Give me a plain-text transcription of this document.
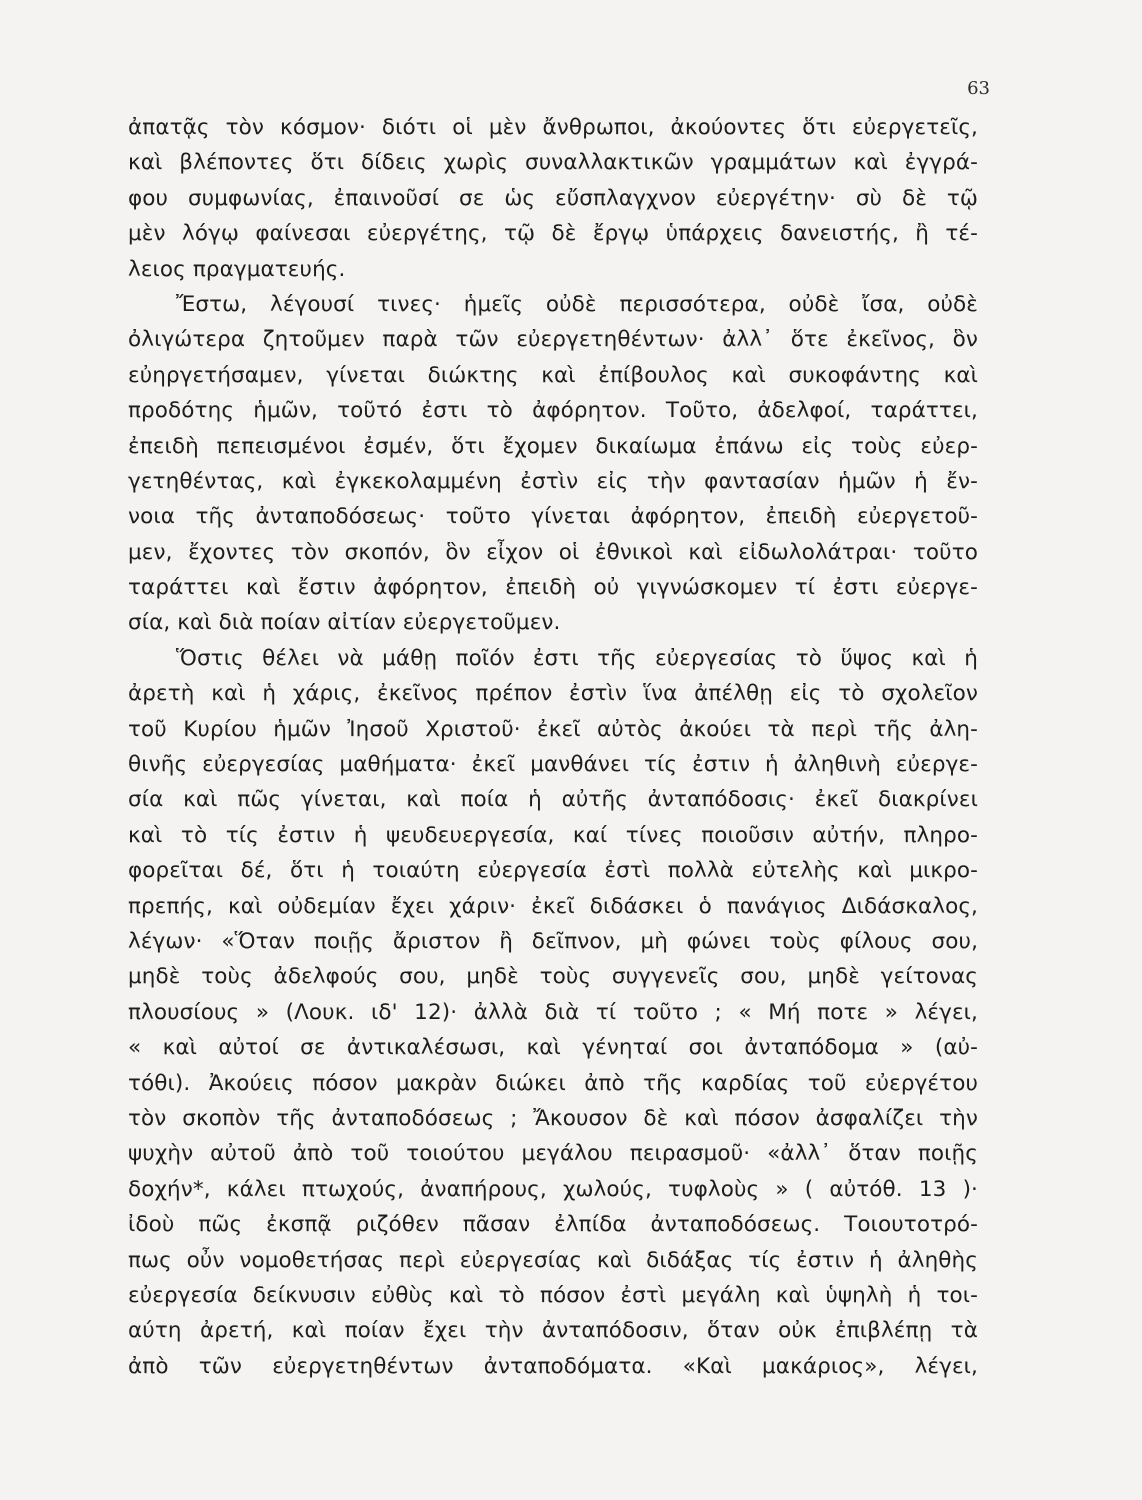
63
ἀπατᾷς τὸν κόσμον· διότι οἱ μὲν ἄνθρωποι, ἀκούοντες ὅτι εὐεργετεῖς,
καὶ βλέποντες ὅτι δίδεις χωρὶς συναλλακτικῶν γραμμάτων καὶ ἐγγρά-
φου συμφωνίας, ἐπαινοῦσί σε ὡς εὔσπλαγχνον εὐεργέτην· σὺ δὲ τῷ
μὲν λόγῳ φαίνεσαι εὐεργέτης, τῷ δὲ ἔργῳ ὑπάρχεις δανειστής, ἢ τέ-
λειος πραγματευής.
Ἔστω, λέγουσί τινες· ἡμεῖς οὐδὲ περισσότερα, οὐδὲ ἴσα, οὐδὲ
ὀλιγώτερα ζητοῦμεν παρὰ τῶν εὐεργετηθέντων· ἀλλ᾽ ὅτε ἐκεῖνος, ὃν
εὐηργετήσαμεν, γίνεται διώκτης καὶ ἐπίβουλος καὶ συκοφάντης καὶ
προδότης ἡμῶν, τοῦτό ἐστι τὸ ἀφόρητον. Τοῦτο, ἀδελφοί, ταράττει,
ἐπειδὴ πεπεισμένοι ἐσμέν, ὅτι ἔχομεν δικαίωμα ἐπάνω εἰς τοὺς εὐερ-
γετηθέντας, καὶ ἐγκεκολαμμένη ἐστὶν εἰς τὴν φαντασίαν ἡμῶν ἡ ἔν-
νοια τῆς ἀνταποδόσεως· τοῦτο γίνεται ἀφόρητον, ἐπειδὴ εὐεργετοῦ-
μεν, ἔχοντες τὸν σκοπόν, ὃν εἶχον οἱ ἐθνικοὶ καὶ εἰδωλολάτραι· τοῦτο
ταράττει καὶ ἔστιν ἀφόρητον, ἐπειδὴ οὐ γιγνώσκομεν τί ἐστι εὐεργε-
σία, καὶ διὰ ποίαν αἰτίαν εὐεργετοῦμεν.
Ὅστις θέλει νὰ μάθῃ ποῖόν ἐστι τῆς εὐεργεσίας τὸ ὕψος καὶ ἡ
ἀρετὴ καὶ ἡ χάρις, ἐκεῖνος πρέπον ἐστὶν ἵνα ἀπέλθῃ εἰς τὸ σχολεῖον
τοῦ Κυρίου ἡμῶν Ἰησοῦ Χριστοῦ· ἐκεῖ αὐτὸς ἀκούει τὰ περὶ τῆς ἀλη-
θινῆς εὐεργεσίας μαθήματα· ἐκεῖ μανθάνει τίς ἐστιν ἡ ἀληθινὴ εὐεργε-
σία καὶ πῶς γίνεται, καὶ ποία ἡ αὐτῆς ἀνταπόδοσις· ἐκεῖ διακρίνει
καὶ τὸ τίς ἐστιν ἡ ψευδευεργεσία, καί τίνες ποιοῦσιν αὐτήν, πληρο-
φορεῖται δέ, ὅτι ἡ τοιαύτη εὐεργεσία ἐστὶ πολλὰ εὐτελὴς καὶ μικρο-
πρεπής, καὶ οὐδεμίαν ἔχει χάριν· ἐκεῖ διδάσκει ὁ πανάγιος Διδάσκαλος,
λέγων· «Ὅταν ποιῇς ἄριστον ἢ δεῖπνον, μὴ φώνει τοὺς φίλους σου,
μηδὲ τοὺς ἀδελφούς σου, μηδὲ τοὺς συγγενεῖς σου, μηδὲ γείτονας
πλουσίους » (Λουκ. ιδ' 12)· ἀλλὰ διὰ τί τοῦτο ; « Μή ποτε » λέγει,
« καὶ αὐτοί σε ἀντικαλέσωσι, καὶ γένηταί σοι ἀνταπόδομα » (αὐ-
τόθι). Ἀκούεις πόσον μακρὰν διώκει ἀπὸ τῆς καρδίας τοῦ εὐεργέτου
τὸν σκοπὸν τῆς ἀνταποδόσεως ; Ἄκουσον δὲ καὶ πόσον ἀσφαλίζει τὴν
ψυχὴν αὐτοῦ ἀπὸ τοῦ τοιούτου μεγάλου πειρασμοῦ· «ἀλλ᾽ ὅταν ποιῇς
δοχήν*, κάλει πτωχούς, ἀναπήρους, χωλούς, τυφλοὺς » ( αὐτόθ. 13 )·
ἰδοὺ πῶς ἐκσπᾷ ριζόθεν πᾶσαν ἐλπίδα ἀνταποδόσεως. Τοιουτοτρό-
πως οὖν νομοθετήσας περὶ εὐεργεσίας καὶ διδάξας τίς ἐστιν ἡ ἀληθὴς
εὐεργεσία δείκνυσιν εὐθὺς καὶ τὸ πόσον ἐστὶ μεγάλη καὶ ὑψηλὴ ἡ τοι-
αύτη ἀρετή, καὶ ποίαν ἔχει τὴν ἀνταπόδοσιν, ὅταν οὐκ ἐπιβλέπῃ τὰ
ἀπὸ τῶν εὐεργετηθέντων ἀνταποδόματα. «Καὶ μακάριος», λέγει,
